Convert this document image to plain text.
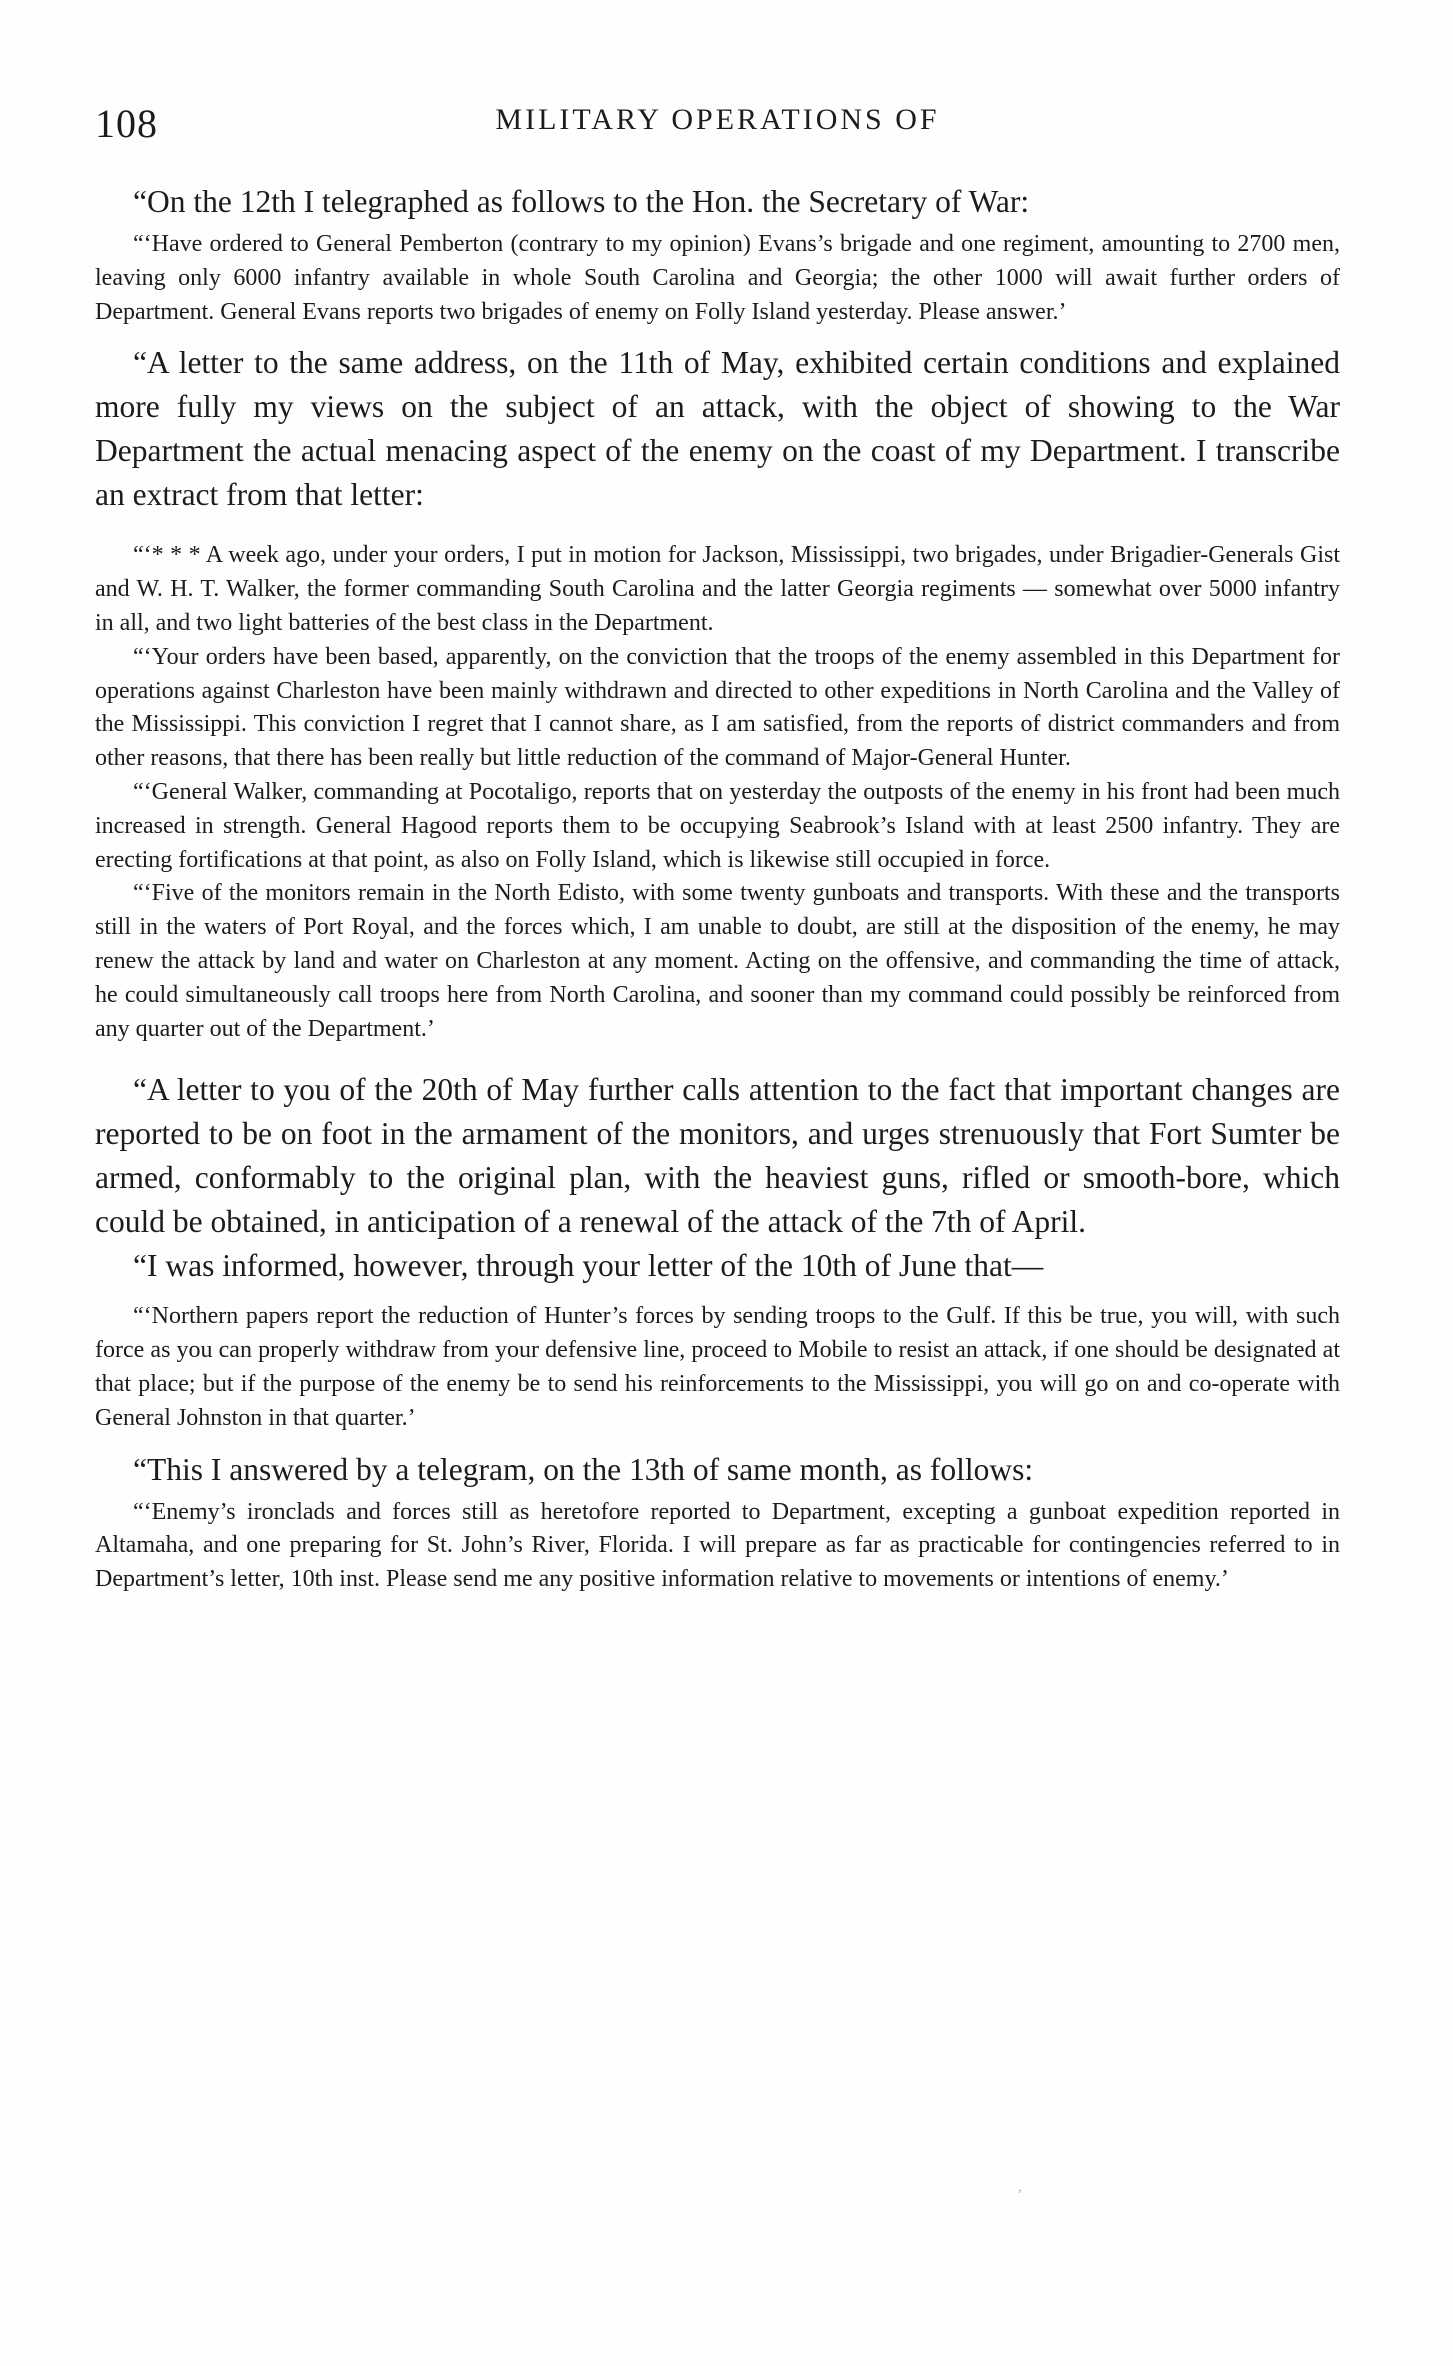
108	MILITARY OPERATIONS OF

“On the 12th I telegraphed as follows to the Hon. the Secretary of War:

“‘Have ordered to General Pemberton (contrary to my opinion) Evans’s brigade and one regiment, amounting to 2700 men, leaving only 6000 infantry available in whole South Carolina and Georgia; the other 1000 will await further orders of Department. General Evans reports two brigades of enemy on Folly Island yesterday. Please answer.’

“A letter to the same address, on the 11th of May, exhibited certain conditions and explained more fully my views on the subject of an attack, with the object of showing to the War Department the actual menacing aspect of the enemy on the coast of my Department. I transcribe an extract from that letter:

“‘* * * A week ago, under your orders, I put in motion for Jackson, Mississippi, two brigades, under Brigadier-Generals Gist and W. H. T. Walker, the former commanding South Carolina and the latter Georgia regiments — somewhat over 5000 infantry in all, and two light batteries of the best class in the Department.

“‘Your orders have been based, apparently, on the conviction that the troops of the enemy assembled in this Department for operations against Charleston have been mainly withdrawn and directed to other expeditions in North Carolina and the Valley of the Mississippi. This conviction I regret that I cannot share, as I am satisfied, from the reports of district commanders and from other reasons, that there has been really but little reduction of the command of Major-General Hunter.

“‘General Walker, commanding at Pocotaligo, reports that on yesterday the outposts of the enemy in his front had been much increased in strength. General Hagood reports them to be occupying Seabrook’s Island with at least 2500 infantry. They are erecting fortifications at that point, as also on Folly Island, which is likewise still occupied in force.

“‘Five of the monitors remain in the North Edisto, with some twenty gunboats and transports. With these and the transports still in the waters of Port Royal, and the forces which, I am unable to doubt, are still at the disposition of the enemy, he may renew the attack by land and water on Charleston at any moment. Acting on the offensive, and commanding the time of attack, he could simultaneously call troops here from North Carolina, and sooner than my command could possibly be reinforced from any quarter out of the Department.’

“A letter to you of the 20th of May further calls attention to the fact that important changes are reported to be on foot in the armament of the monitors, and urges strenuously that Fort Sumter be armed, conformably to the original plan, with the heaviest guns, rifled or smooth-bore, which could be obtained, in anticipation of a renewal of the attack of the 7th of April.

“I was informed, however, through your letter of the 10th of June that—

“‘Northern papers report the reduction of Hunter’s forces by sending troops to the Gulf. If this be true, you will, with such force as you can properly withdraw from your defensive line, proceed to Mobile to resist an attack, if one should be designated at that place; but if the purpose of the enemy be to send his reinforcements to the Mississippi, you will go on and co-operate with General Johnston in that quarter.’

“This I answered by a telegram, on the 13th of same month, as follows:

“‘Enemy’s ironclads and forces still as heretofore reported to Department, excepting a gunboat expedition reported in Altamaha, and one preparing for St. John’s River, Florida. I will prepare as far as practicable for contingencies referred to in Department’s letter, 10th inst. Please send me any positive information relative to movements or intentions of enemy.’

,
